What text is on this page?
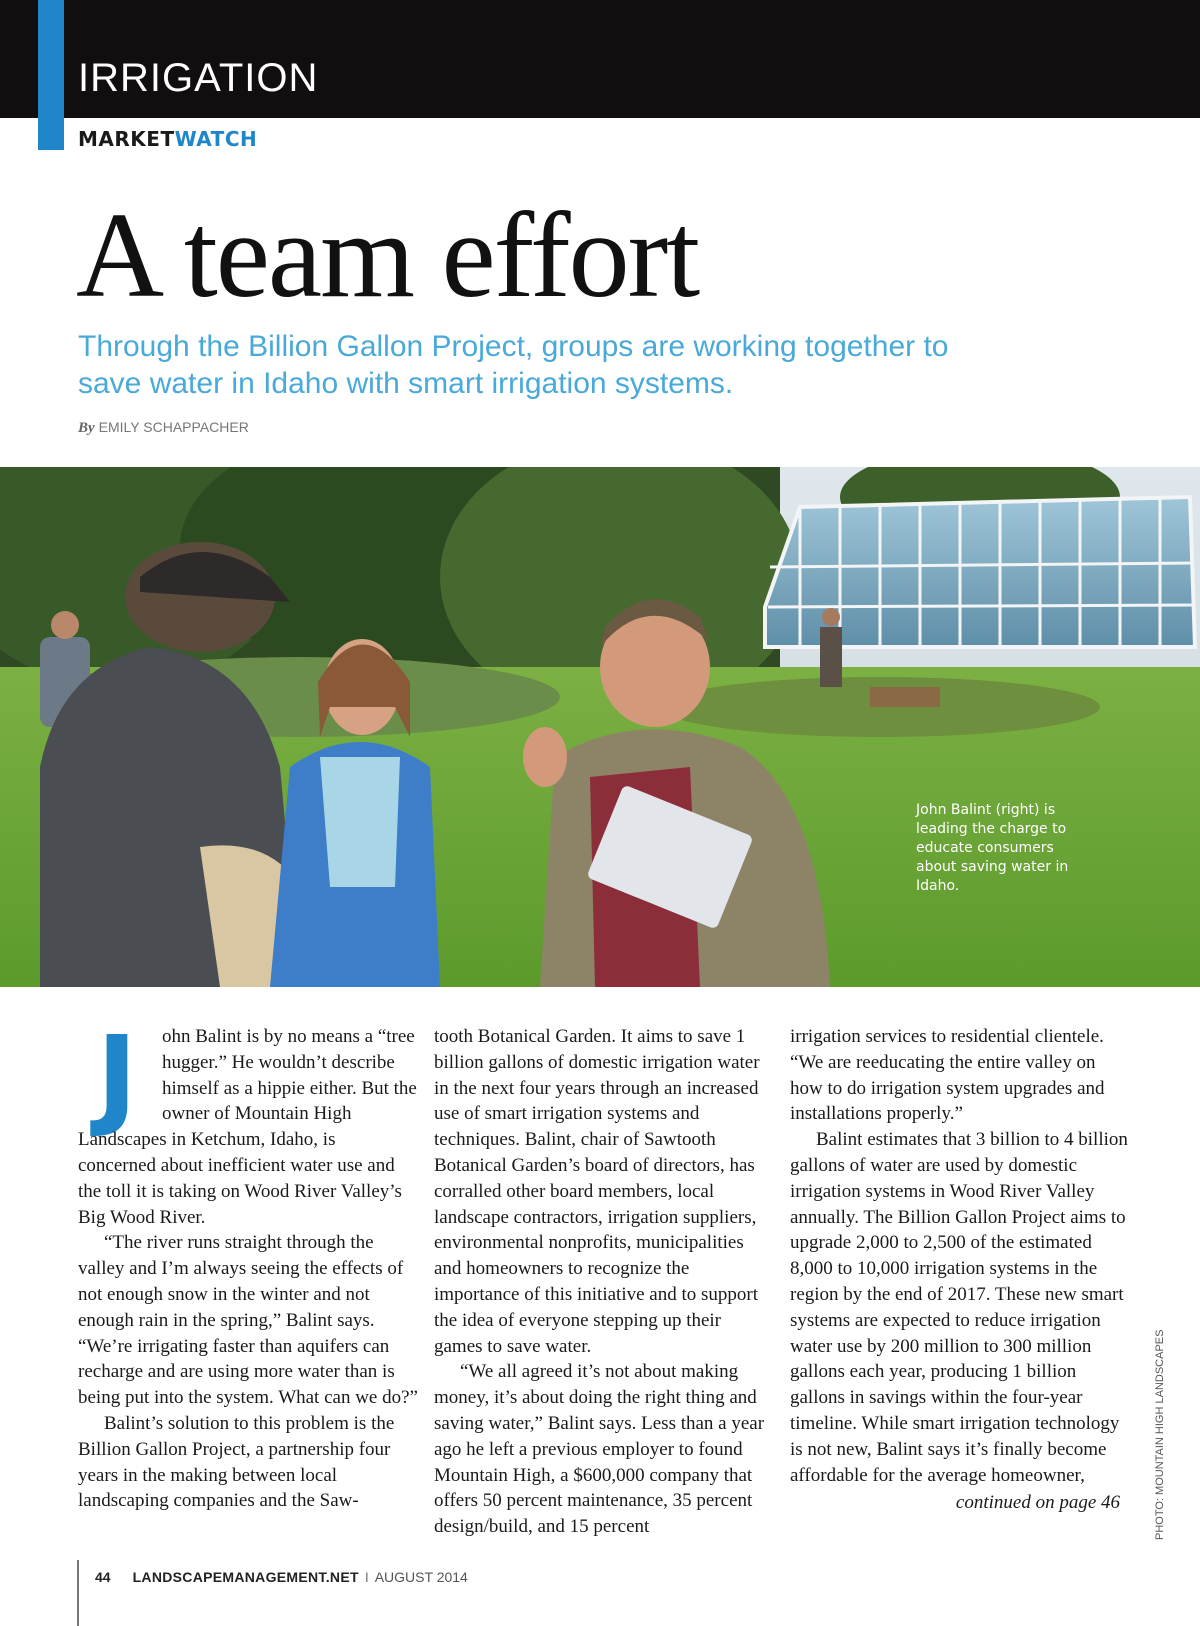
IRRIGATION
MARKETWATCH
A team effort
Through the Billion Gallon Project, groups are working together to save water in Idaho with smart irrigation systems.
By EMILY SCHAPPACHER
John Balint (right) is leading the charge to educate consumers about saving water in Idaho.

J	ohn Balint is by no means a “tree hugger.” He wouldn’t describe himself as a hippie either. But the owner of Mountain High Landscapes in Ketchum, Idaho, is concerned about inefficient water use and the toll it is taking on Wood River Valley’s Big Wood River.

“The river runs straight through the valley and I’m always seeing the effects of not enough snow in the winter and not enough rain in the spring,” Balint says. “We’re irrigating faster than aquifers can recharge and are using more water than is being put into the system. What can we do?”

Balint’s solution to this problem is the Billion Gallon Project, a partnership four years in the making between local landscaping companies and the Saw-

tooth Botanical Garden. It aims to save 1 billion gallons of domestic irrigation water in the next four years through an increased use of smart irrigation systems and techniques. Balint, chair of Sawtooth Botanical Garden’s board of directors, has corralled other board members, local landscape contractors, irrigation suppliers, environmental nonprofits, municipalities and homeowners to recognize the importance of this initiative and to support the idea of everyone stepping up their games to save water.

“We all agreed it’s not about making money, it’s about doing the right thing and saving water,” Balint says. Less than a year ago he left a previous employer to found Mountain High, a $600,000 company that offers 50 percent maintenance, 35 percent design/build, and 15 percent

irrigation services to residential clientele. “We are reeducating the entire valley on how to do irrigation system upgrades and installations properly.”

Balint estimates that 3 billion to 4 billion gallons of water are used by domestic irrigation systems in Wood River Valley annually. The Billion Gallon Project aims to upgrade 2,000 to 2,500 of the estimated 8,000 to 10,000 irrigation systems in the region by the end of 2017. These new smart systems are expected to reduce irrigation water use by 200 million to 300 million gallons each year, producing 1 billion gallons in savings within the four-year timeline. While smart irrigation technology is not new, Balint says it’s finally become affordable for the average homeowner,

continued on page 46	PHOTO: MOUNTAIN HIGH LANDSCAPES
44 LANDSCAPEMANAGEMENT.NET I AUGUST 2014
